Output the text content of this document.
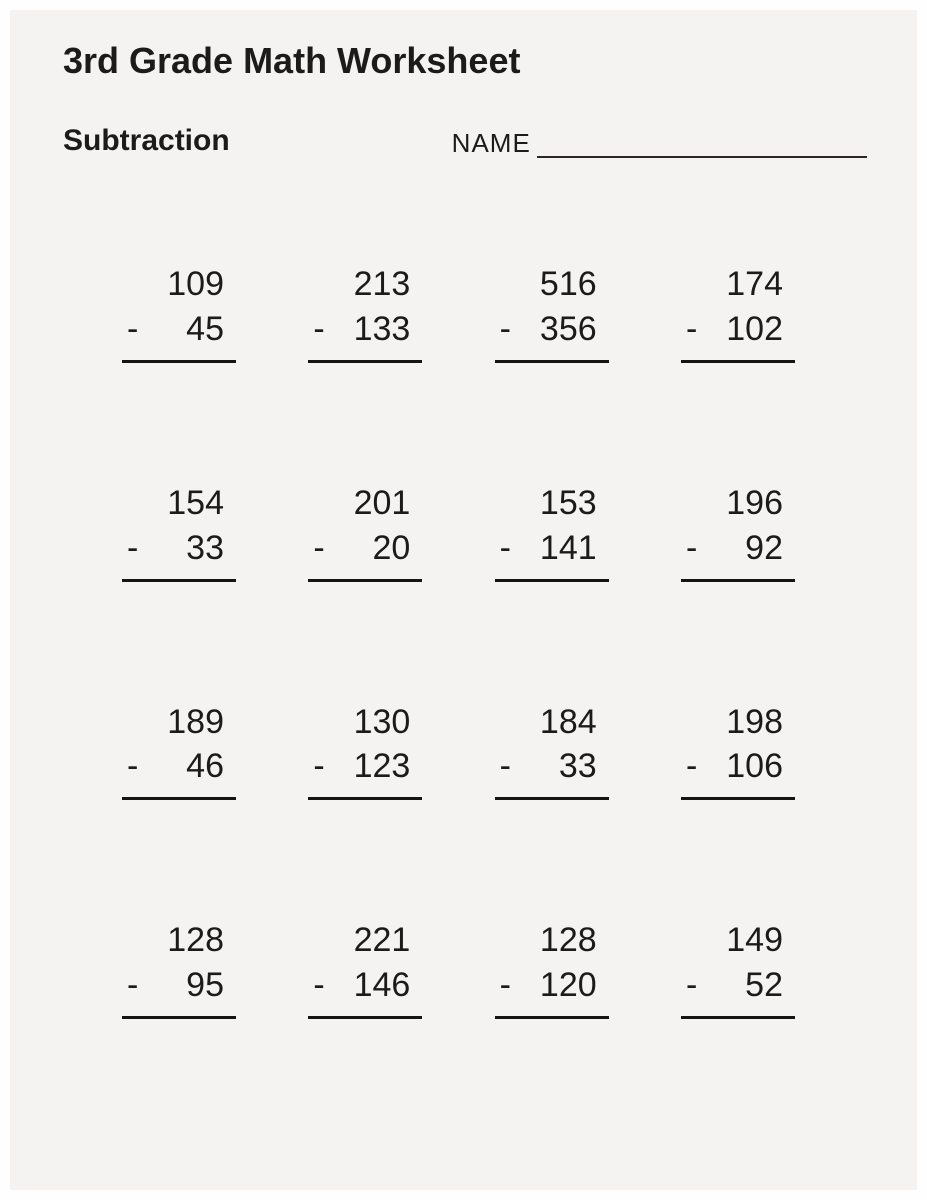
3rd Grade Math Worksheet
Subtraction	NAME
109
- 45
213
- 133
516
- 356
174
- 102
154
- 33
201
- 20
153
- 141
196
- 92
189
- 46
130
- 123
184
- 33
198
- 106
128
- 95
221
- 146
128
- 120
149
- 52
